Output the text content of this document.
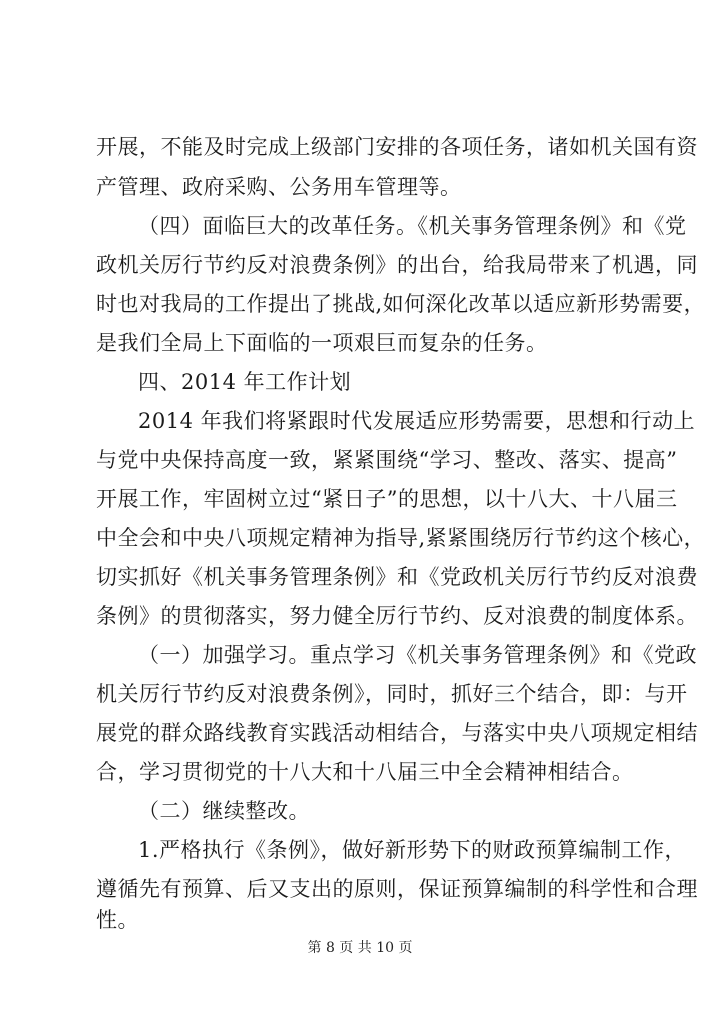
开展，不能及时完成上级部门安排的各项任务，诸如机关国有资
产管理、政府采购、公务用车管理等。
（四）面临巨大的改革任务。《机关事务管理条例》和《党
政机关厉行节约反对浪费条例》的出台，给我局带来了机遇，同
时也对我局的工作提出了挑战,如何深化改革以适应新形势需要，
是我们全局上下面临的一项艰巨而复杂的任务。
四、2014 年工作计划
2014 年我们将紧跟时代发展适应形势需要，思想和行动上
与党中央保持高度一致，紧紧围绕“学习、整改、落实、提高”
开展工作，牢固树立过“紧日子”的思想，以十八大、十八届三
中全会和中央八项规定精神为指导,紧紧围绕厉行节约这个核心，
切实抓好《机关事务管理条例》和《党政机关厉行节约反对浪费
条例》的贯彻落实，努力健全厉行节约、反对浪费的制度体系。
（一）加强学习。重点学习《机关事务管理条例》和《党政
机关厉行节约反对浪费条例》，同时，抓好三个结合，即：与开
展党的群众路线教育实践活动相结合，与落实中央八项规定相结
合，学习贯彻党的十八大和十八届三中全会精神相结合。
（二）继续整改。
1.严格执行《条例》，做好新形势下的财政预算编制工作，
遵循先有预算、后又支出的原则，保证预算编制的科学性和合理
性。
第 8 页 共 10 页
